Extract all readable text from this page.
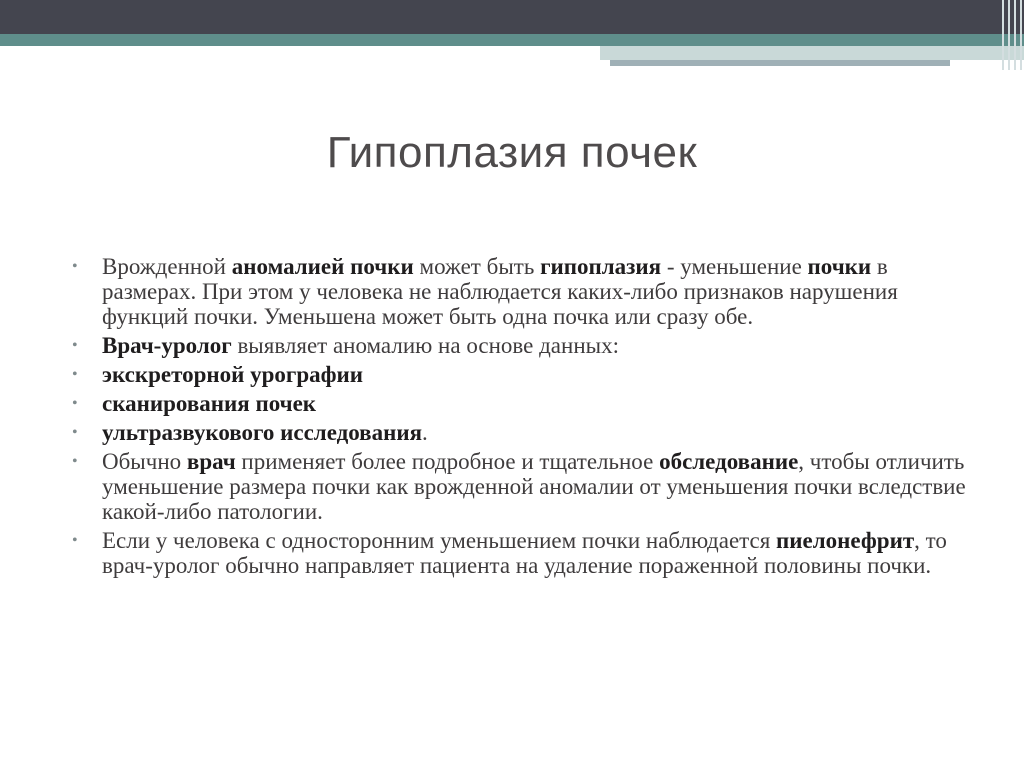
Гипоплазия почек
• Врожденной аномалией почки может быть гипоплазия - уменьшение почки в размерах. При этом у человека не наблюдается каких-либо признаков нарушения функций почки. Уменьшена может быть одна почка или сразу обе.
• Врач-уролог выявляет аномалию на основе данных:
• экскреторной урографии
• сканирования почек
• ультразвукового исследования.
• Обычно врач применяет более подробное и тщательное обследование, чтобы отличить уменьшение размера почки как врожденной аномалии от уменьшения почки вследствие какой-либо патологии.
• Если у человека с односторонним уменьшением почки наблюдается пиелонефрит, то врач-уролог обычно направляет пациента на удаление пораженной половины почки.
